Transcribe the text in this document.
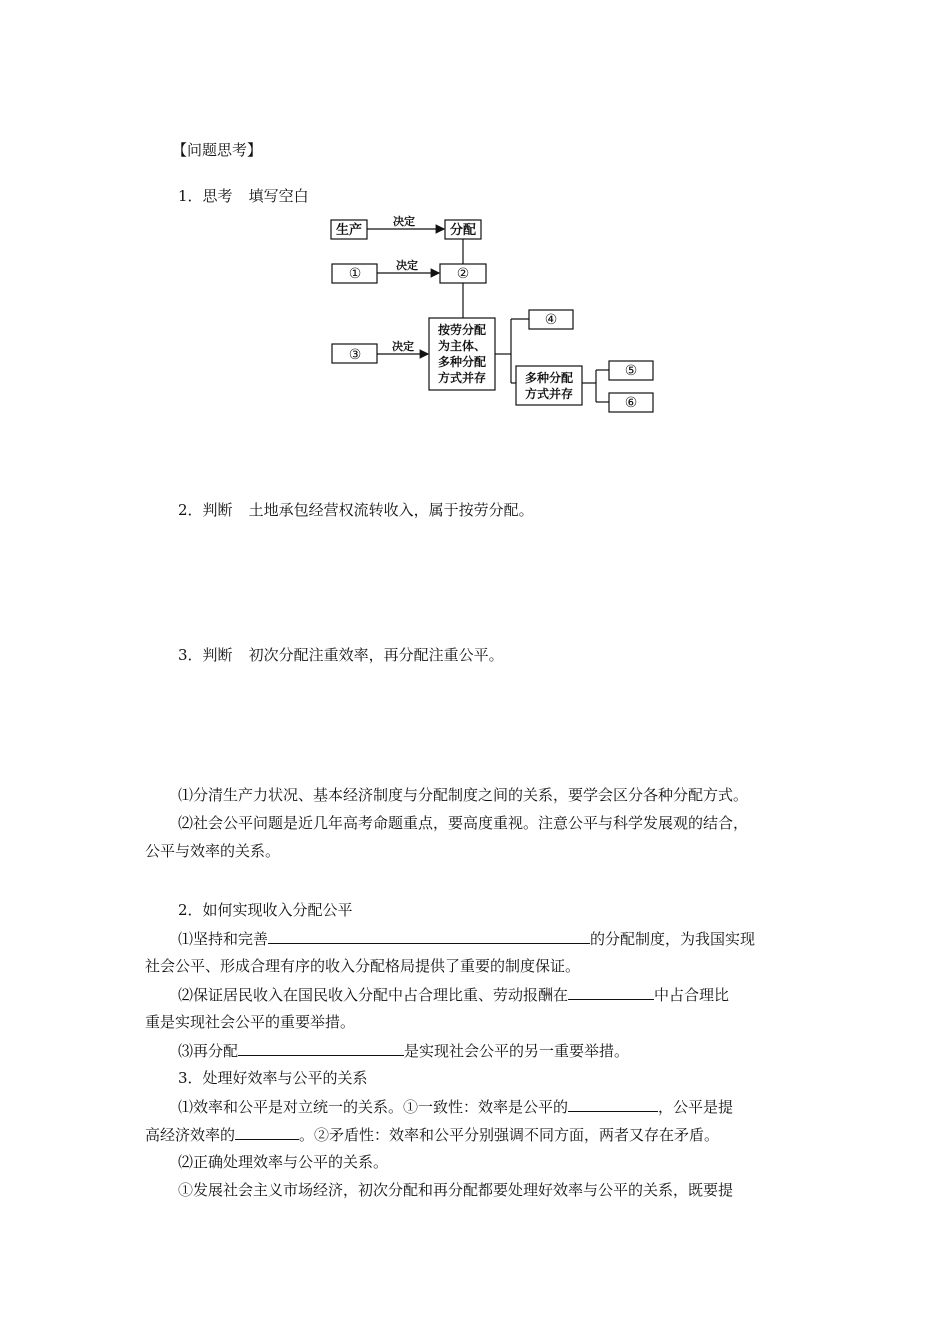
【问题思考】
1．思考 填写空白
生产	分配
决定
决定
决定
①	②
③
④
⑤
⑥
按劳分配
为主体、
多种分配
方式并存	多种分配
方式并存
2．判断 土地承包经营权流转收入，属于按劳分配。
3．判断 初次分配注重效率，再分配注重公平。
⑴分清生产力状况、基本经济制度与分配制度之间的关系，要学会区分各种分配方式。
⑵社会公平问题是近几年高考命题重点，要高度重视。注意公平与科学发展观的结合，
公平与效率的关系。
2．如何实现收入分配公平
⑴坚持和完善	的分配制度，为我国实现
社会公平、形成合理有序的收入分配格局提供了重要的制度保证。
⑵保证居民收入在国民收入分配中占合理比重、劳动报酬在	中占合理比
重是实现社会公平的重要举措。
⑶再分配	是实现社会公平的另一重要举措。
3．处理好效率与公平的关系
⑴效率和公平是对立统一的关系。①一致性：效率是公平的	，公平是提
高经济效率的	。②矛盾性：效率和公平分别强调不同方面，两者又存在矛盾。
⑵正确处理效率与公平的关系。
①发展社会主义市场经济，初次分配和再分配都要处理好效率与公平的关系，既要提
